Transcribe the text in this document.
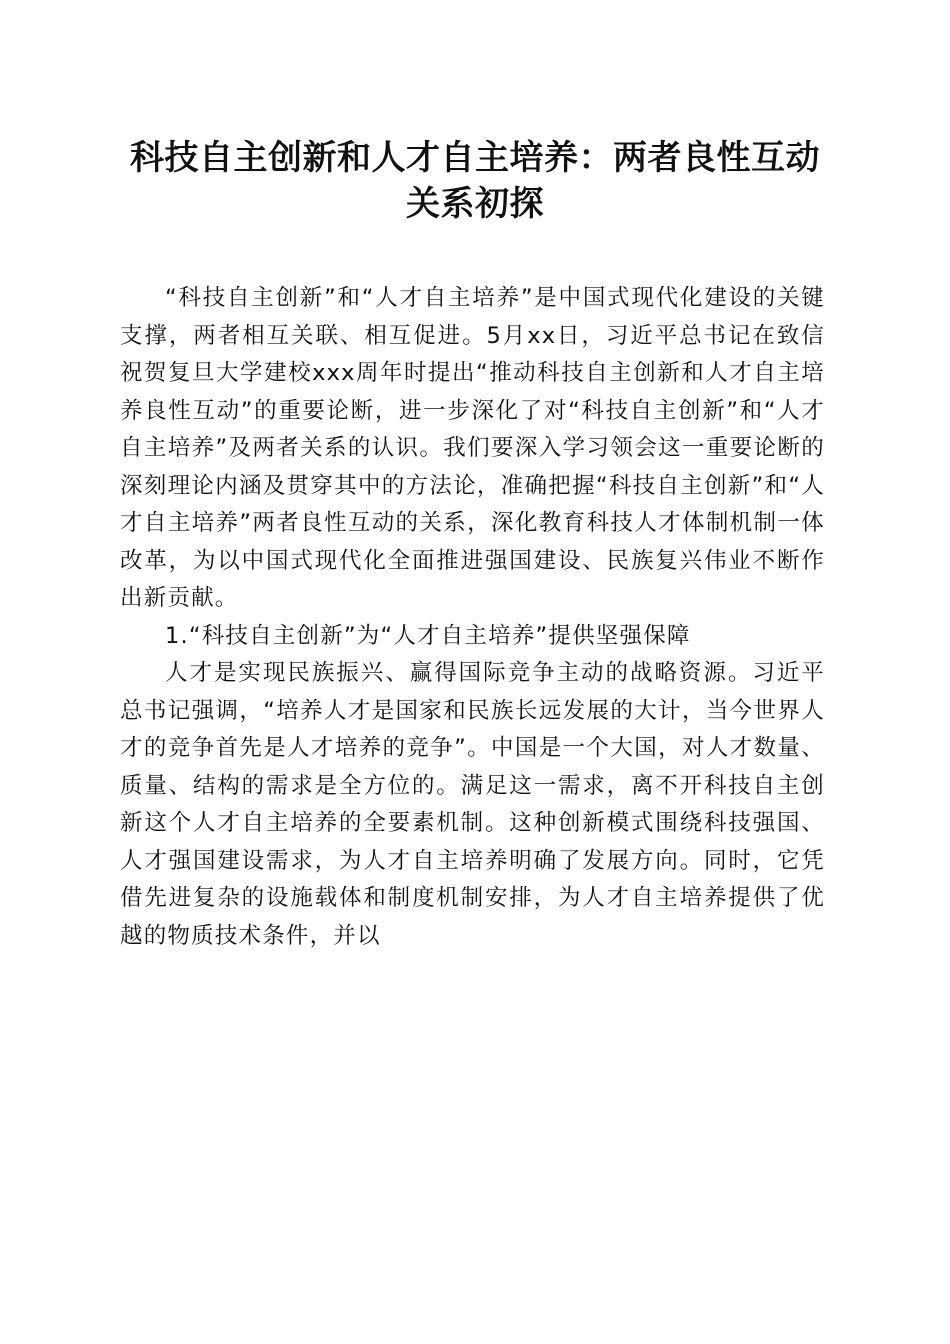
科技自主创新和人才自主培养：两者良性互动
关系初探

“科技自主创新”和“人才自主培养”是中国式现代化建设的关键支撑，两者相互关联、相互促进。5月xx日，习近平总书记在致信祝贺复旦大学建校xxx周年时提出“推动科技自主创新和人才自主培养良性互动”的重要论断，进一步深化了对“科技自主创新”和“人才自主培养”及两者关系的认识。我们要深入学习领会这一重要论断的深刻理论内涵及贯穿其中的方法论，准确把握“科技自主创新”和“人才自主培养”两者良性互动的关系，深化教育科技人才体制机制一体改革，为以中国式现代化全面推进强国建设、民族复兴伟业不断作出新贡献。

1.“科技自主创新”为“人才自主培养”提供坚强保障

人才是实现民族振兴、赢得国际竞争主动的战略资源。习近平总书记强调，“培养人才是国家和民族长远发展的大计，当今世界人才的竞争首先是人才培养的竞争”。中国是一个大国，对人才数量、质量、结构的需求是全方位的。满足这一需求，离不开科技自主创新这个人才自主培养的全要素机制。这种创新模式围绕科技强国、人才强国建设需求，为人才自主培养明确了发展方向。同时，它凭借先进复杂的设施载体和制度机制安排，为人才自主培养提供了优越的物质技术条件，并以
